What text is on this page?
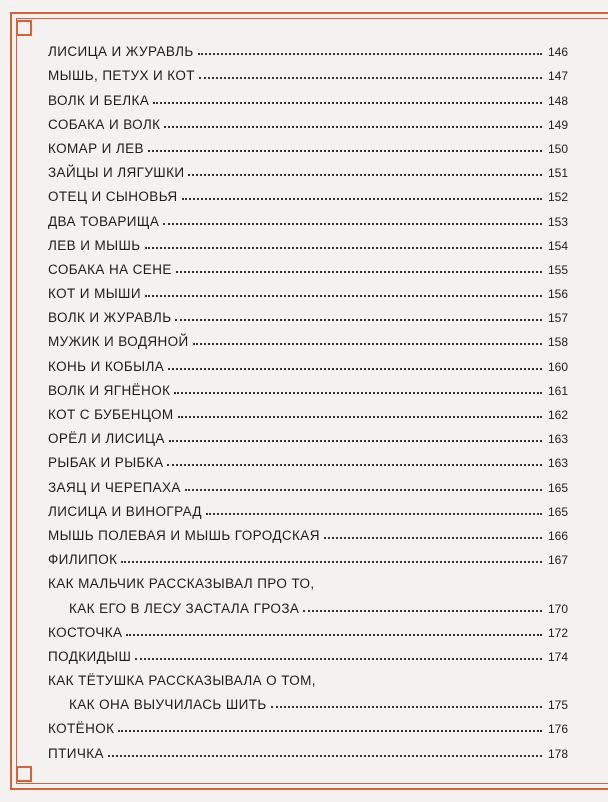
ЛИСИЦА И ЖУРАВЛЬ	146
МЫШЬ, ПЕТУХ И КОТ	147
ВОЛК И БЕЛКА	148
СОБАКА И ВОЛК	149
КОМАР И ЛЕВ	150
ЗАЙЦЫ И ЛЯГУШКИ	151
ОТЕЦ И СЫНОВЬЯ	152
ДВА ТОВАРИЩА	153
ЛЕВ И МЫШЬ	154
СОБАКА НА СЕНЕ	155
КОТ И МЫШИ	156
ВОЛК И ЖУРАВЛЬ	157
МУЖИК И ВОДЯНОЙ	158
КОНЬ И КОБЫЛА	160
ВОЛК И ЯГНЁНОК	161
КОТ С БУБЕНЦОМ	162
ОРЁЛ И ЛИСИЦА	163
РЫБАК И РЫБКА	163
ЗАЯЦ И ЧЕРЕПАХА	165
ЛИСИЦА И ВИНОГРАД	165
МЫШЬ ПОЛЕВАЯ И МЫШЬ ГОРОДСКАЯ	166
ФИЛИПОК	167
КАК МАЛЬЧИК РАССКАЗЫВАЛ ПРО ТО,
КАК ЕГО В ЛЕСУ ЗАСТАЛА ГРОЗА	170
КОСТОЧКА	172
ПОДКИДЫШ	174
КАК ТЁТУШКА РАССКАЗЫВАЛА О ТОМ,
КАК ОНА ВЫУЧИЛАСЬ ШИТЬ	175
КОТЁНОК	176
ПТИЧКА	178
